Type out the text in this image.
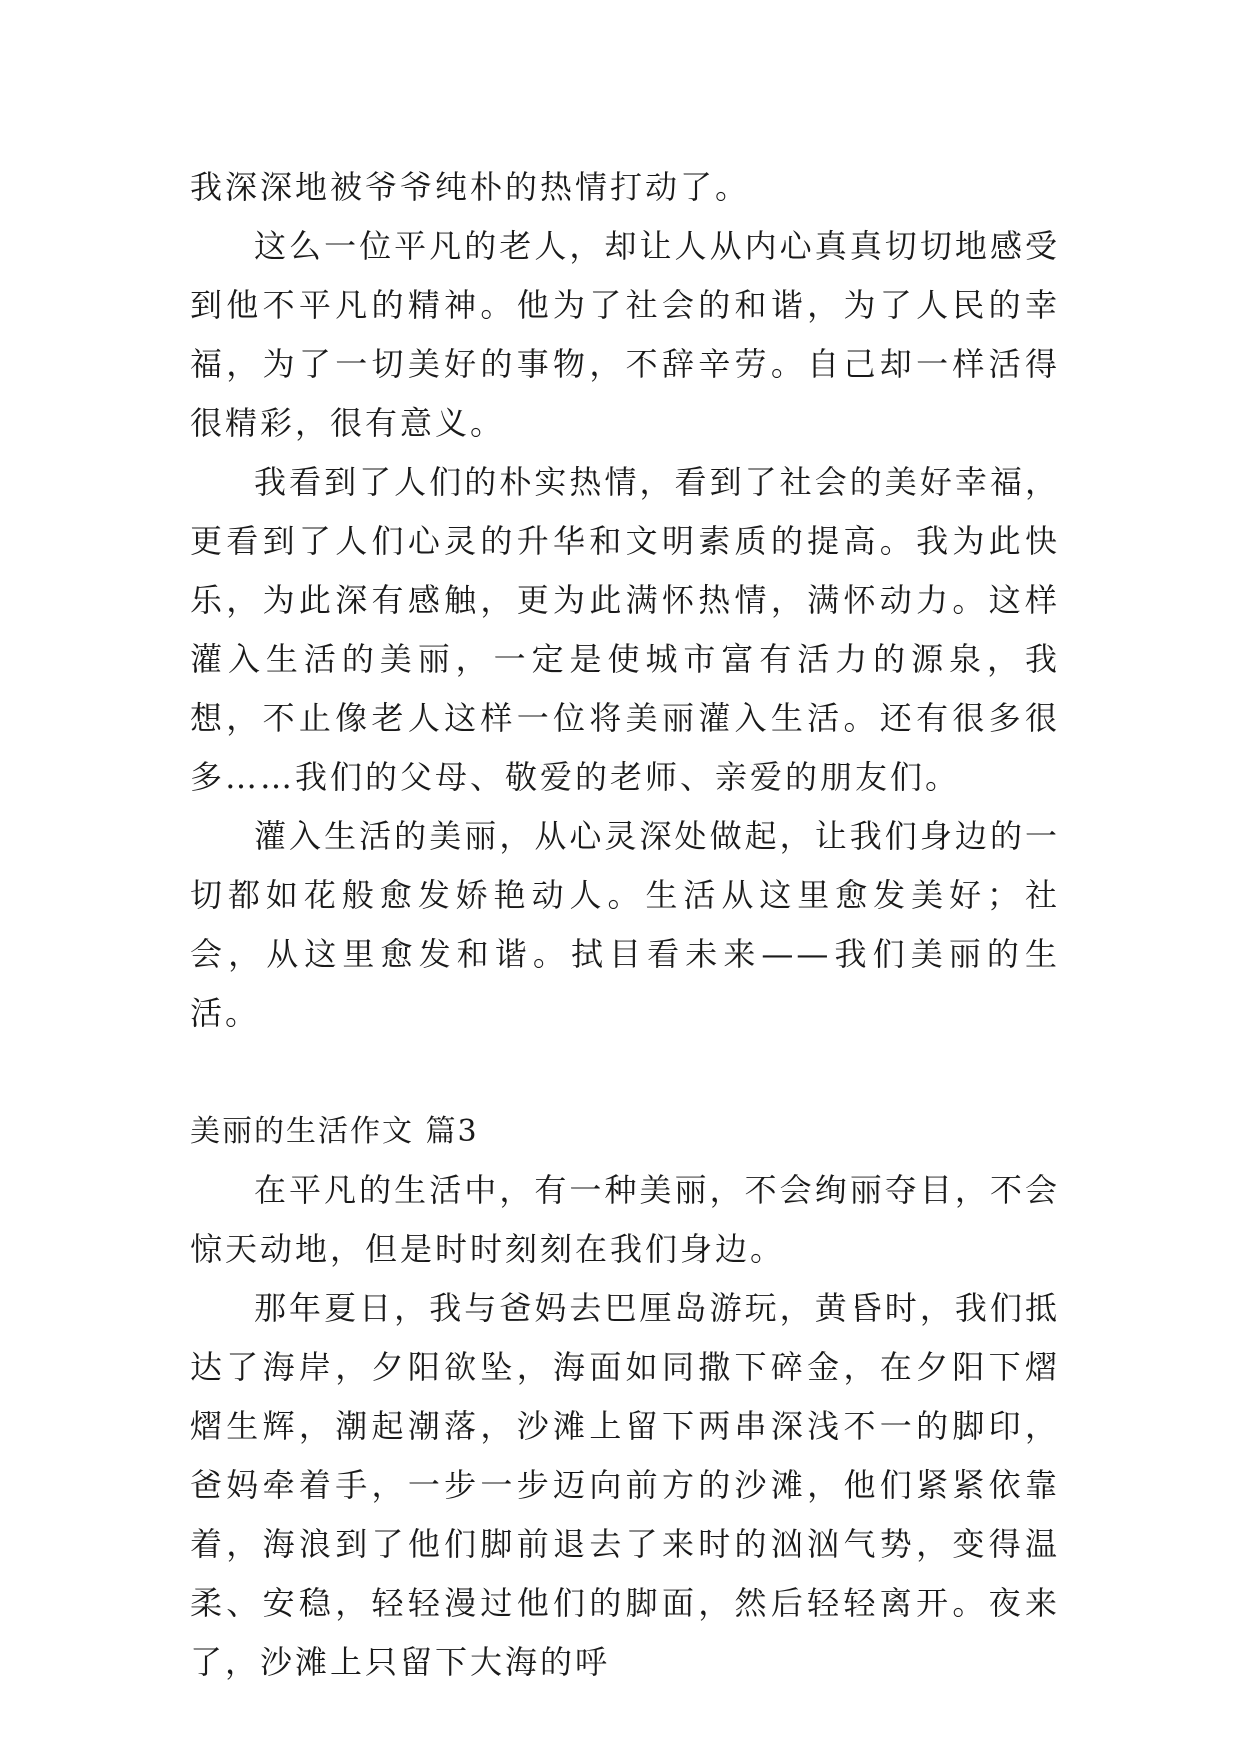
我深深地被爷爷纯朴的热情打动了。

这么一位平凡的老人，却让人从内心真真切切地感受到他不平凡的精神。他为了社会的和谐，为了人民的幸福，为了一切美好的事物，不辞辛劳。自己却一样活得很精彩，很有意义。

我看到了人们的朴实热情，看到了社会的美好幸福，更看到了人们心灵的升华和文明素质的提高。我为此快乐，为此深有感触，更为此满怀热情，满怀动力。这样灌入生活的美丽，一定是使城市富有活力的源泉，我想，不止像老人这样一位将美丽灌入生活。还有很多很多……我们的父母、敬爱的老师、亲爱的朋友们。

灌入生活的美丽，从心灵深处做起，让我们身边的一切都如花般愈发娇艳动人。生活从这里愈发美好；社会，从这里愈发和谐。拭目看未来——我们美丽的生活。

美丽的生活作文 篇3

在平凡的生活中，有一种美丽，不会绚丽夺目，不会惊天动地，但是时时刻刻在我们身边。

那年夏日，我与爸妈去巴厘岛游玩，黄昏时，我们抵达了海岸，夕阳欲坠，海面如同撒下碎金，在夕阳下熠熠生辉，潮起潮落，沙滩上留下两串深浅不一的脚印，爸妈牵着手，一步一步迈向前方的沙滩，他们紧紧依靠着，海浪到了他们脚前退去了来时的汹汹气势，变得温柔、安稳，轻轻漫过他们的脚面，然后轻轻离开。夜来了，沙滩上只留下大海的呼
